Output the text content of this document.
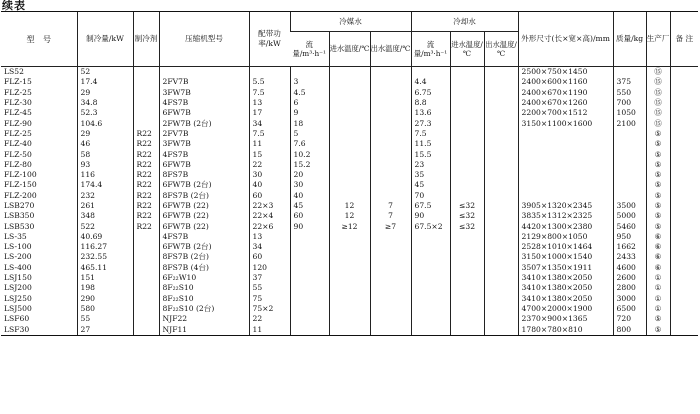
续表
型　号	制冷量/kW	制冷剂	压缩机型号	配带功率/kW	冷媒水			冷却水			外形尺寸(长×宽×高)/mm	质量/kg	生产厂	备 注
					流量/m³·h⁻¹	进水温度/℃	出水温度/℃	流量/m³·h⁻¹	进水温度/℃	出水温度/℃				
LS52	52										2500×750×1450		⑮	
FLZ-15	17.4		2FV7B	5.5	3			4.4			2400×600×1160	375	⑮	
FLZ-25	29		3FW7B	7.5	4.5			6.75			2400×670×1190	550	⑮	
FLZ-30	34.8		4FS7B	13	6			8.8			2400×670×1260	700	⑮	
FLZ-45	52.3		6FW7B	17	9			13.6			2200×700×1512	1050	⑮	
FLZ-90	104.6		2FW7B (2台)	34	18			27.3			3150×1100×1600	2100	⑮	
FLZ-25	29	R22	2FV7B	7.5	5			7.5					⑤	
FLZ-40	46	R22	3FW7B	11	7.6			11.5					⑤	
FLZ-50	58	R22	4FS7B	15	10.2			15.5					⑤	
FLZ-80	93	R22	6FW7B	22	15.2			23					⑤	
FLZ-100	116	R22	8FS7B	30	20			35					⑤	
FLZ-150	174.4	R22	6FW7B (2台)	40	30			45					⑤	
FLZ-200	232	R22	8FS7B (2台)	60	40			70					⑤	
LSB270	261	R22	6FW7B (22)	22×3	45	12	7	67.5	≤32		3905×1320×2345	3500	⑤	
LSB350	348	R22	6FW7B (22)	22×4	60	12	7	90	≤32		3835×1312×2325	5000	⑤	
LSB530	522	R22	6FW7B (22)	22×6	90	≥12	≥7	67.5×2	≤32		4420×1300×2380	5460	⑤	
LS-35	40.69		4FS7B	13							2129×800×1050	950	⑥	
LS-100	116.27		6FW7B (2台)	34							2528×1010×1464	1662	⑥	
LS-200	232.55		8FS7B (2台)	60							3150×1000×1540	2433	⑥	
LS-400	465.11		8FS7B (4台)	120							3507×1350×1911	4600	⑥	
LSJ150	151		6F₂₂W10	37							3410×1380×2050	2600	①	
LSJ200	198		8F₂₂S10	55							3410×1380×2050	2800	①	
LSJ250	290		8F₂₂S10	75							3410×1380×2050	3000	①	
LSJ500	580		8F₂₂S10 (2台)	75×2							4700×2000×1900	6500	①	
LSF60	55		NJF22	22							2370×900×1365	720	⑤	
LSF30	27		NJF11	11							1780×780×810	800	⑤	
